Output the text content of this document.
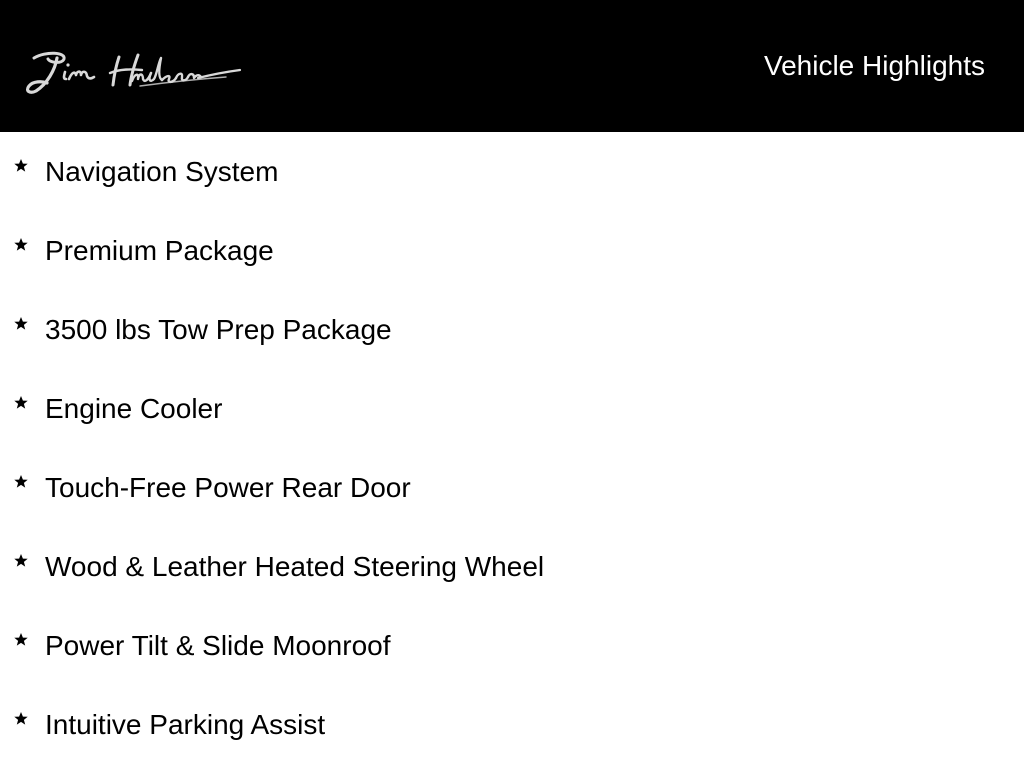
Vehicle Highlights
Navigation System
Premium Package
3500 lbs Tow Prep Package
Engine Cooler
Touch-Free Power Rear Door
Wood & Leather Heated Steering Wheel
Power Tilt & Slide Moonroof
Intuitive Parking Assist
